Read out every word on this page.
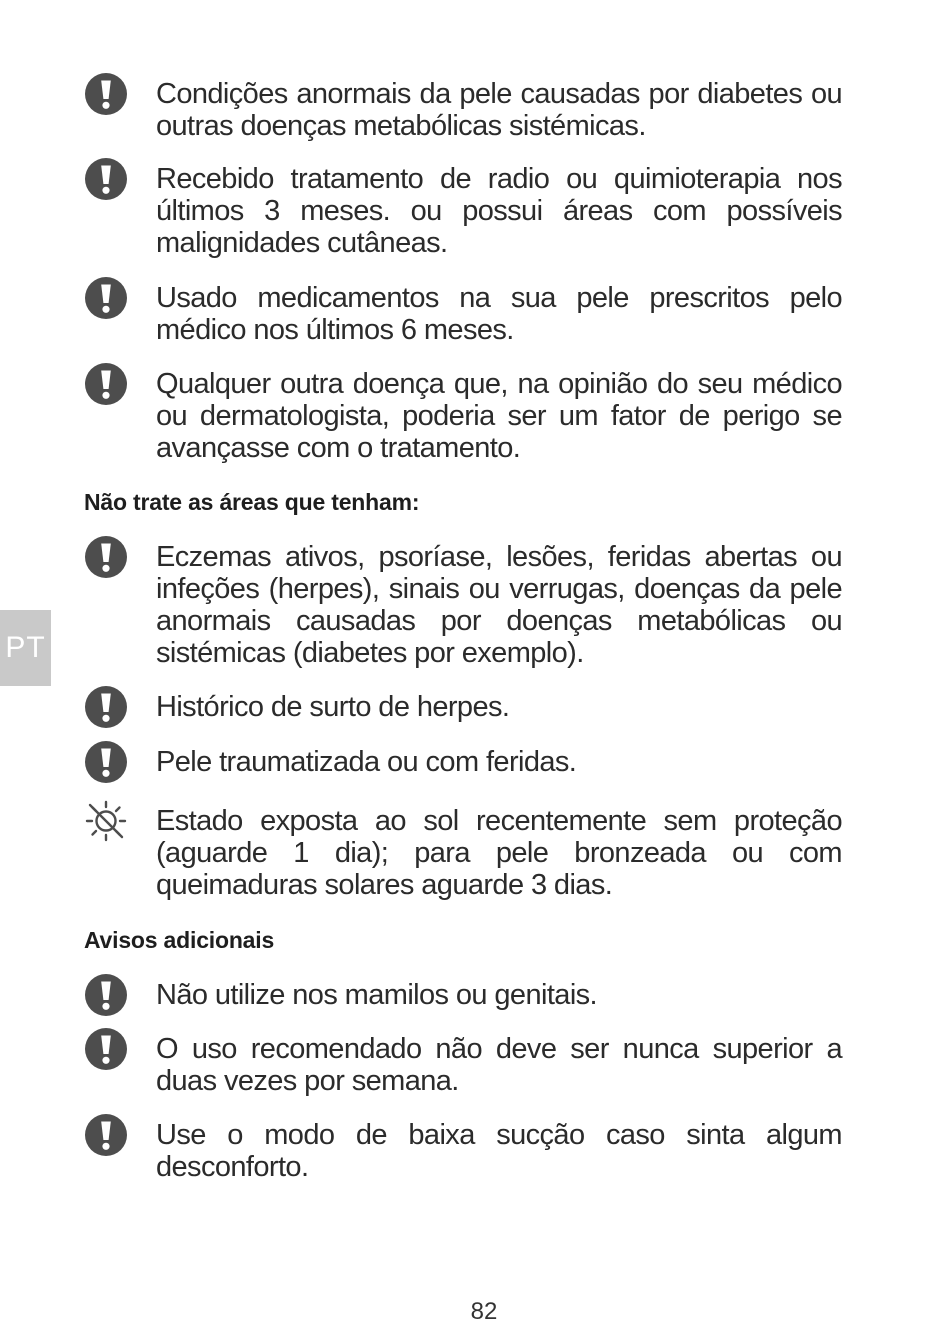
PT
Condições anormais da pele causadas por diabetes ou outras doenças metabólicas sistémicas.
Recebido tratamento de radio ou quimioterapia nos últimos 3 meses. ou possui áreas com possíveis malignidades cutâneas.
Usado medicamentos na sua pele prescritos pelo médico nos últimos 6 meses.
Qualquer outra doença que, na opinião do seu médico ou dermatologista, poderia ser um fator de perigo se avançasse com o tratamento.
Não trate as áreas que tenham:
Eczemas ativos, psoríase, lesões, feridas abertas ou infeções (herpes), sinais ou verrugas, doenças da pele anormais causadas por doenças metabólicas ou sistémicas (diabetes por exemplo).
Histórico de surto de herpes.
Pele traumatizada ou com feridas.
Estado exposta ao sol recentemente sem proteção (aguarde 1 dia); para pele bronzeada ou com queimaduras solares aguarde 3 dias.
Avisos adicionais
Não utilize nos mamilos ou genitais.
O uso recomendado não deve ser nunca superior a duas vezes por semana.
Use o modo de baixa sucção caso sinta algum desconforto.
82
